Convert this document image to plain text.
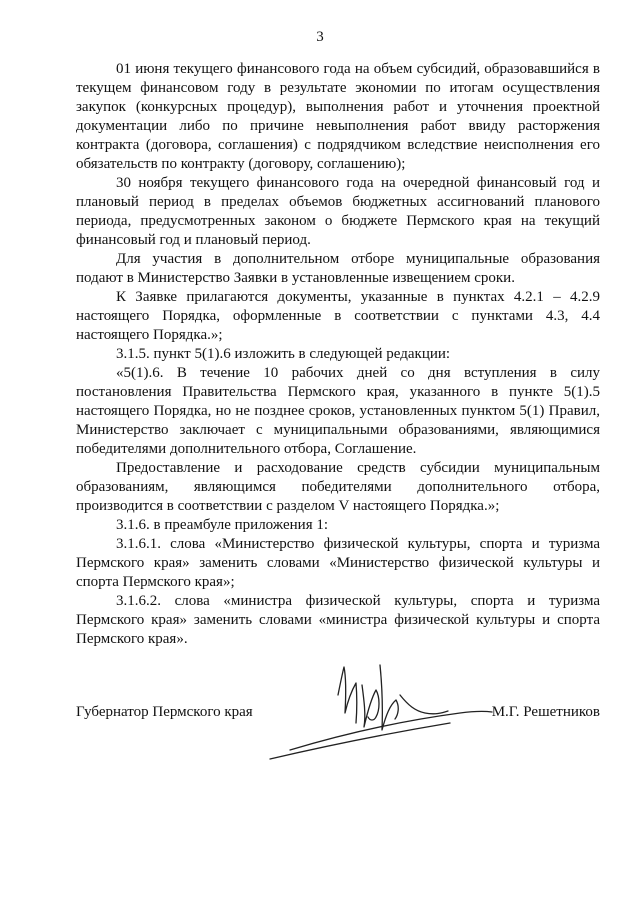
3

01 июня текущего финансового года на объем субсидий, образовавшийся в текущем финансовом году в результате экономии по итогам осуществления закупок (конкурсных процедур), выполнения работ и уточнения проектной документации либо по причине невыполнения работ ввиду расторжения контракта (договора, соглашения) с подрядчиком вследствие неисполнения его обязательств по контракту (договору, соглашению);

30 ноября текущего финансового года на очередной финансовый год и плановый период в пределах объемов бюджетных ассигнований планового периода, предусмотренных законом о бюджете Пермского края на текущий финансовый год и плановый период.

Для участия в дополнительном отборе муниципальные образования подают в Министерство Заявки в установленные извещением сроки.

К Заявке прилагаются документы, указанные в пунктах 4.2.1 – 4.2.9 настоящего Порядка, оформленные в соответствии с пунктами 4.3, 4.4 настоящего Порядка.»;

3.1.5. пункт 5(1).6 изложить в следующей редакции:

«5(1).6. В течение 10 рабочих дней со дня вступления в силу постановления Правительства Пермского края, указанного в пункте 5(1).5 настоящего Порядка, но не позднее сроков, установленных пунктом 5(1) Правил, Министерство заключает с муниципальными образованиями, являющимися победителями дополнительного отбора, Соглашение.

Предоставление и расходование средств субсидии муниципальным образованиям, являющимся победителями дополнительного отбора, производится в соответствии с разделом V настоящего Порядка.»;

3.1.6. в преамбуле приложения 1:

3.1.6.1. слова «Министерство физической культуры, спорта и туризма Пермского края» заменить словами «Министерство физической культуры и спорта Пермского края»;

3.1.6.2. слова «министра физической культуры, спорта и туризма Пермского края» заменить словами «министра физической культуры и спорта Пермского края».

Губернатор Пермского края	М.Г. Решетников
